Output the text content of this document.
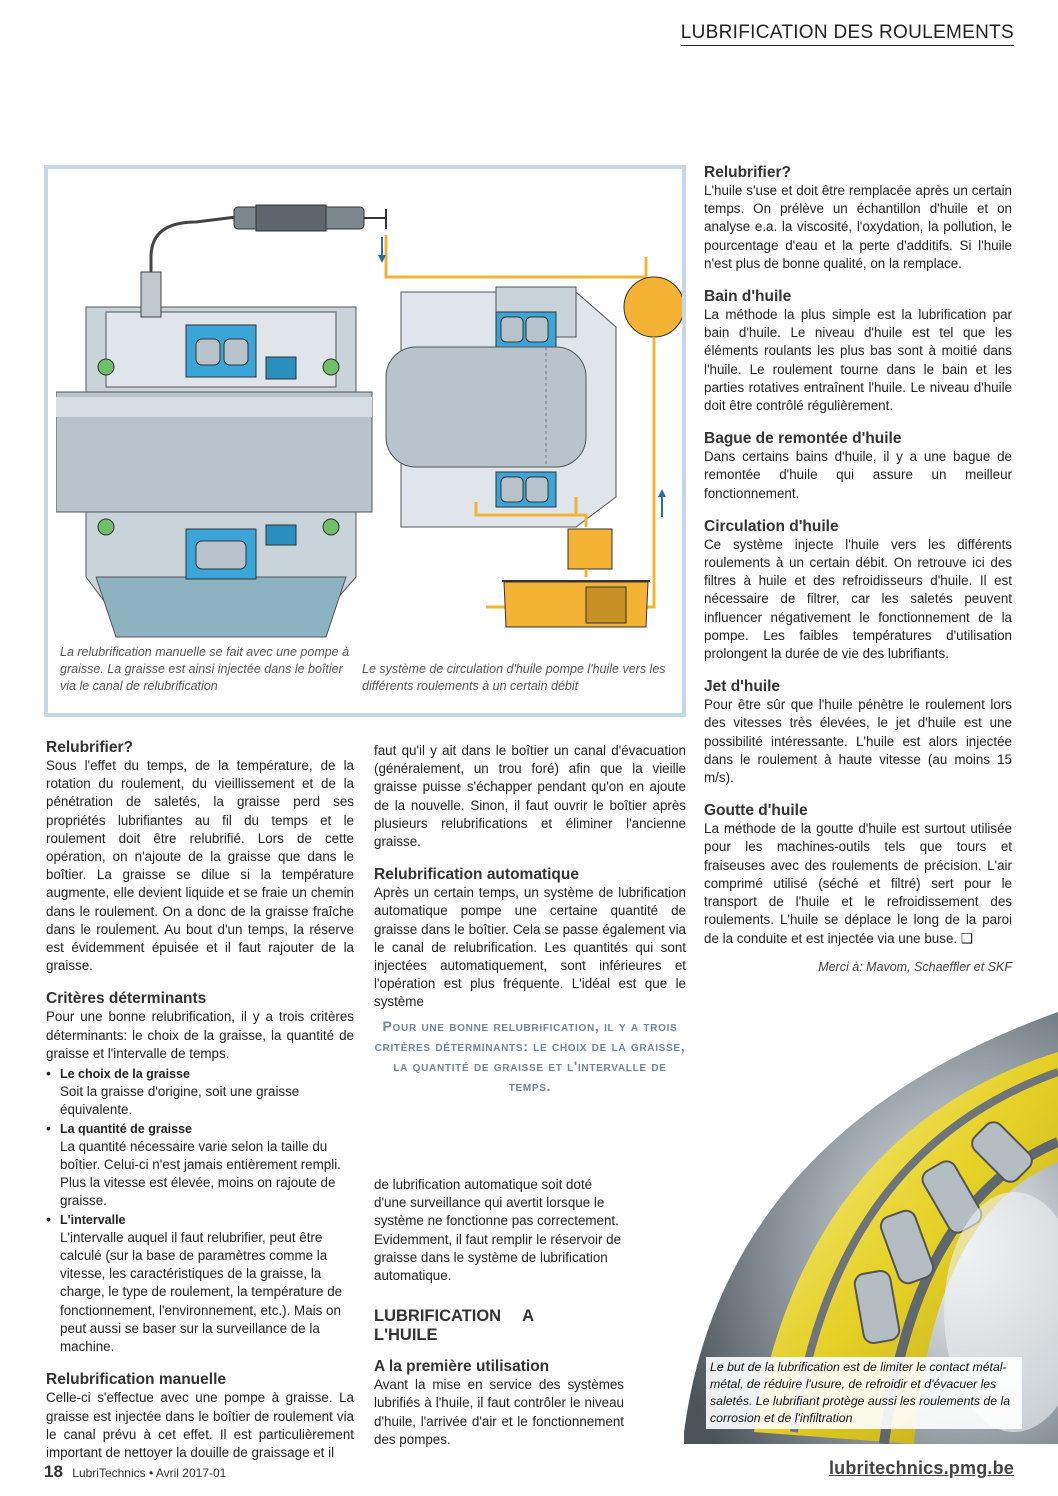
LUBRIFICATION DES ROULEMENTS
La relubrification manuelle se fait avec une pompe à graisse. La graisse est ainsi injectée dans le boîtier via le canal de relubrification
Le système de circulation d'huile pompe l'huile vers les différents roulements à un certain débit
Relubrifier?

Sous l'effet du temps, de la température, de la rotation du roulement, du vieillissement et de la pénétration de saletés, la graisse perd ses propriétés lubrifiantes au fil du temps et le roulement doit être relubrifié. Lors de cette opération, on n'ajoute de la graisse que dans le boîtier. La graisse se dilue si la température augmente, elle devient liquide et se fraie un chemin dans le roulement. On a donc de la graisse fraîche dans le roulement. Au bout d'un temps, la réserve est évidemment épuisée et il faut rajouter de la graisse.

Critères déterminants

Pour une bonne relubrification, il y a trois critères déterminants: le choix de la graisse, la quantité de graisse et l'intervalle de temps.

• Le choix de la graisse
Soit la graisse d'origine, soit une graisse équivalente.
• La quantité de graisse
La quantité nécessaire varie selon la taille du boîtier. Celui-ci n'est jamais entièrement rempli. Plus la vitesse est élevée, moins on rajoute de graisse.
• L'intervalle
L'intervalle auquel il faut relubrifier, peut être calculé (sur la base de paramètres comme la vitesse, les caractéristiques de la graisse, la charge, le type de roulement, la température de fonctionnement, l'environnement, etc.). Mais on peut aussi se baser sur la surveillance de la machine.
Relubrification manuelle

Celle-ci s'effectue avec une pompe à graisse. La graisse est injectée dans le boîtier de roulement via le canal prévu à cet effet. Il est particulièrement important de nettoyer la douille de graissage et il

faut qu'il y ait dans le boîtier un canal d'évacuation (généralement, un trou foré) afin que la vieille graisse puisse s'échapper pendant qu'on en ajoute de la nouvelle. Sinon, il faut ouvrir le boîtier après plusieurs relubrifications et éliminer l'ancienne graisse.

Relubrification automatique

Après un certain temps, un système de lubrification automatique pompe une certaine quantité de graisse dans le boîtier. Cela se passe également via le canal de relubrification. Les quantités qui sont injectées automatiquement, sont inférieures et l'opération est plus fréquente. L'idéal est que le système

Pour une bonne relubrification, il y a trois critères déterminants: le choix de la graisse, la quantité de graisse et l'intervalle de temps.

de lubrification automatique soit doté d'une surveillance qui avertit lorsque le système ne fonctionne pas correctement. Evidemment, il faut remplir le réservoir de graisse dans le système de lubrification automatique.

LUBRIFICATION A L'HUILE
A la première utilisation

Avant la mise en service des systèmes lubrifiés à l'huile, il faut contrôler le niveau d'huile, l'arrivée d'air et le fonctionnement des pompes.

Relubrifier?

L'huile s'use et doit être remplacée après un certain temps. On prélève un échantillon d'huile et on analyse e.a. la viscosité, l'oxydation, la pollution, le pourcentage d'eau et la perte d'additifs. Si l'huile n'est plus de bonne qualité, on la remplace.

Bain d'huile

La méthode la plus simple est la lubrification par bain d'huile. Le niveau d'huile est tel que les éléments roulants les plus bas sont à moitié dans l'huile. Le roulement tourne dans le bain et les parties rotatives entraînent l'huile. Le niveau d'huile doit être contrôlé régulièrement.

Bague de remontée d'huile

Dans certains bains d'huile, il y a une bague de remontée d'huile qui assure un meilleur fonctionnement.

Circulation d'huile

Ce système injecte l'huile vers les différents roulements à un certain débit. On retrouve ici des filtres à huile et des refroidisseurs d'huile. Il est nécessaire de filtrer, car les saletés peuvent influencer négativement le fonctionnement de la pompe. Les faibles températures d'utilisation prolongent la durée de vie des lubrifiants.

Jet d'huile

Pour être sûr que l'huile pénètre le roulement lors des vitesses très élevées, le jet d'huile est une possibilité intéressante. L'huile est alors injectée dans le roulement à haute vitesse (au moins 15 m/s).

Goutte d'huile

La méthode de la goutte d'huile est surtout utilisée pour les machines-outils tels que tours et fraiseuses avec des roulements de précision. L'air comprimé utilisé (séché et filtré) sert pour le transport de l'huile et le refroidissement des roulements. L'huile se déplace le long de la paroi de la conduite et est injectée via une buse. ❑

Merci à: Mavom, Schaeffler et SKF
Le but de la lubrification est de limiter le contact métal-métal, de réduire l'usure, de refroidir et d'évacuer les saletés. Le lubrifiant protège aussi les roulements de la corrosion et de l'infiltration
18 LubriTechnics • Avril 2017-01	lubritechnics.pmg.be
